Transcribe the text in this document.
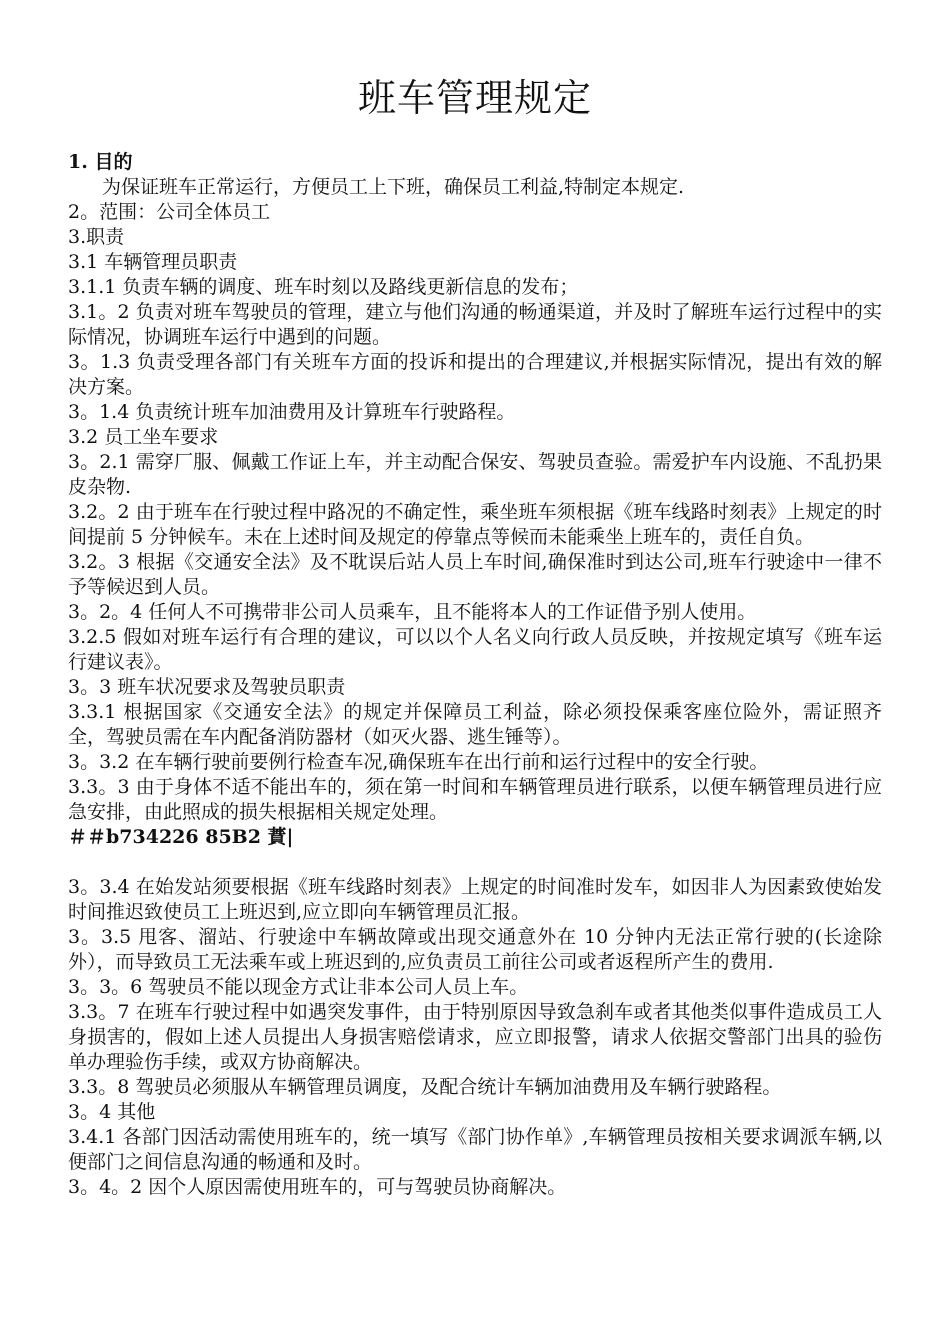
班车管理规定
1. 目的
为保证班车正常运行，方便员工上下班，确保员工利益,特制定本规定.
2。范围：公司全体员工
3.职责
3.1 车辆管理员职责
3.1.1 负责车辆的调度、班车时刻以及路线更新信息的发布；
3.1。2 负责对班车驾驶员的管理，建立与他们沟通的畅通渠道，并及时了解班车运行过程中的实际情况，协调班车运行中遇到的问题。
3。1.3 负责受理各部门有关班车方面的投诉和提出的合理建议,并根据实际情况，提出有效的解决方案。
3。1.4 负责统计班车加油费用及计算班车行驶路程。
3.2 员工坐车要求
3。2.1 需穿厂服、佩戴工作证上车，并主动配合保安、驾驶员查验。需爱护车内设施、不乱扔果皮杂物.
3.2。2 由于班车在行驶过程中路况的不确定性，乘坐班车须根据《班车线路时刻表》上规定的时间提前 5 分钟候车。未在上述时间及规定的停靠点等候而未能乘坐上班车的，责任自负。
3.2。3 根据《交通安全法》及不耽误后站人员上车时间,确保准时到达公司,班车行驶途中一律不予等候迟到人员。
3。2。4 任何人不可携带非公司人员乘车，且不能将本人的工作证借予别人使用。
3.2.5 假如对班车运行有合理的建议，可以以个人名义向行政人员反映，并按规定填写《班车运行建议表》。
3。3 班车状况要求及驾驶员职责
3.3.1 根据国家《交通安全法》的规定并保障员工利益，除必须投保乘客座位险外，需证照齐全，驾驶员需在车内配备消防器材（如灭火器、逃生锤等）。
3。3.2 在车辆行驶前要例行检查车况,确保班车在出行前和运行过程中的安全行驶。
3.3。3 由于身体不适不能出车的，须在第一时间和车辆管理员进行联系，以便车辆管理员进行应急安排，由此照成的损失根据相关规定处理。
＃＃b734226 85B2 蕡|
3。3.4 在始发站须要根据《班车线路时刻表》上规定的时间准时发车，如因非人为因素致使始发时间推迟致使员工上班迟到,应立即向车辆管理员汇报。
3。3.5 甩客、溜站、行驶途中车辆故障或出现交通意外在 10 分钟内无法正常行驶的(长途除外），而导致员工无法乘车或上班迟到的,应负责员工前往公司或者返程所产生的费用.
3。3。6 驾驶员不能以现金方式让非本公司人员上车。
3.3。7 在班车行驶过程中如遇突发事件，由于特别原因导致急刹车或者其他类似事件造成员工人身损害的，假如上述人员提出人身损害赔偿请求，应立即报警，请求人依据交警部门出具的验伤单办理验伤手续，或双方协商解决。
3.3。8 驾驶员必须服从车辆管理员调度，及配合统计车辆加油费用及车辆行驶路程。
3。4 其他
3.4.1 各部门因活动需使用班车的，统一填写《部门协作单》,车辆管理员按相关要求调派车辆,以便部门之间信息沟通的畅通和及时。
3。4。2 因个人原因需使用班车的，可与驾驶员协商解决。
